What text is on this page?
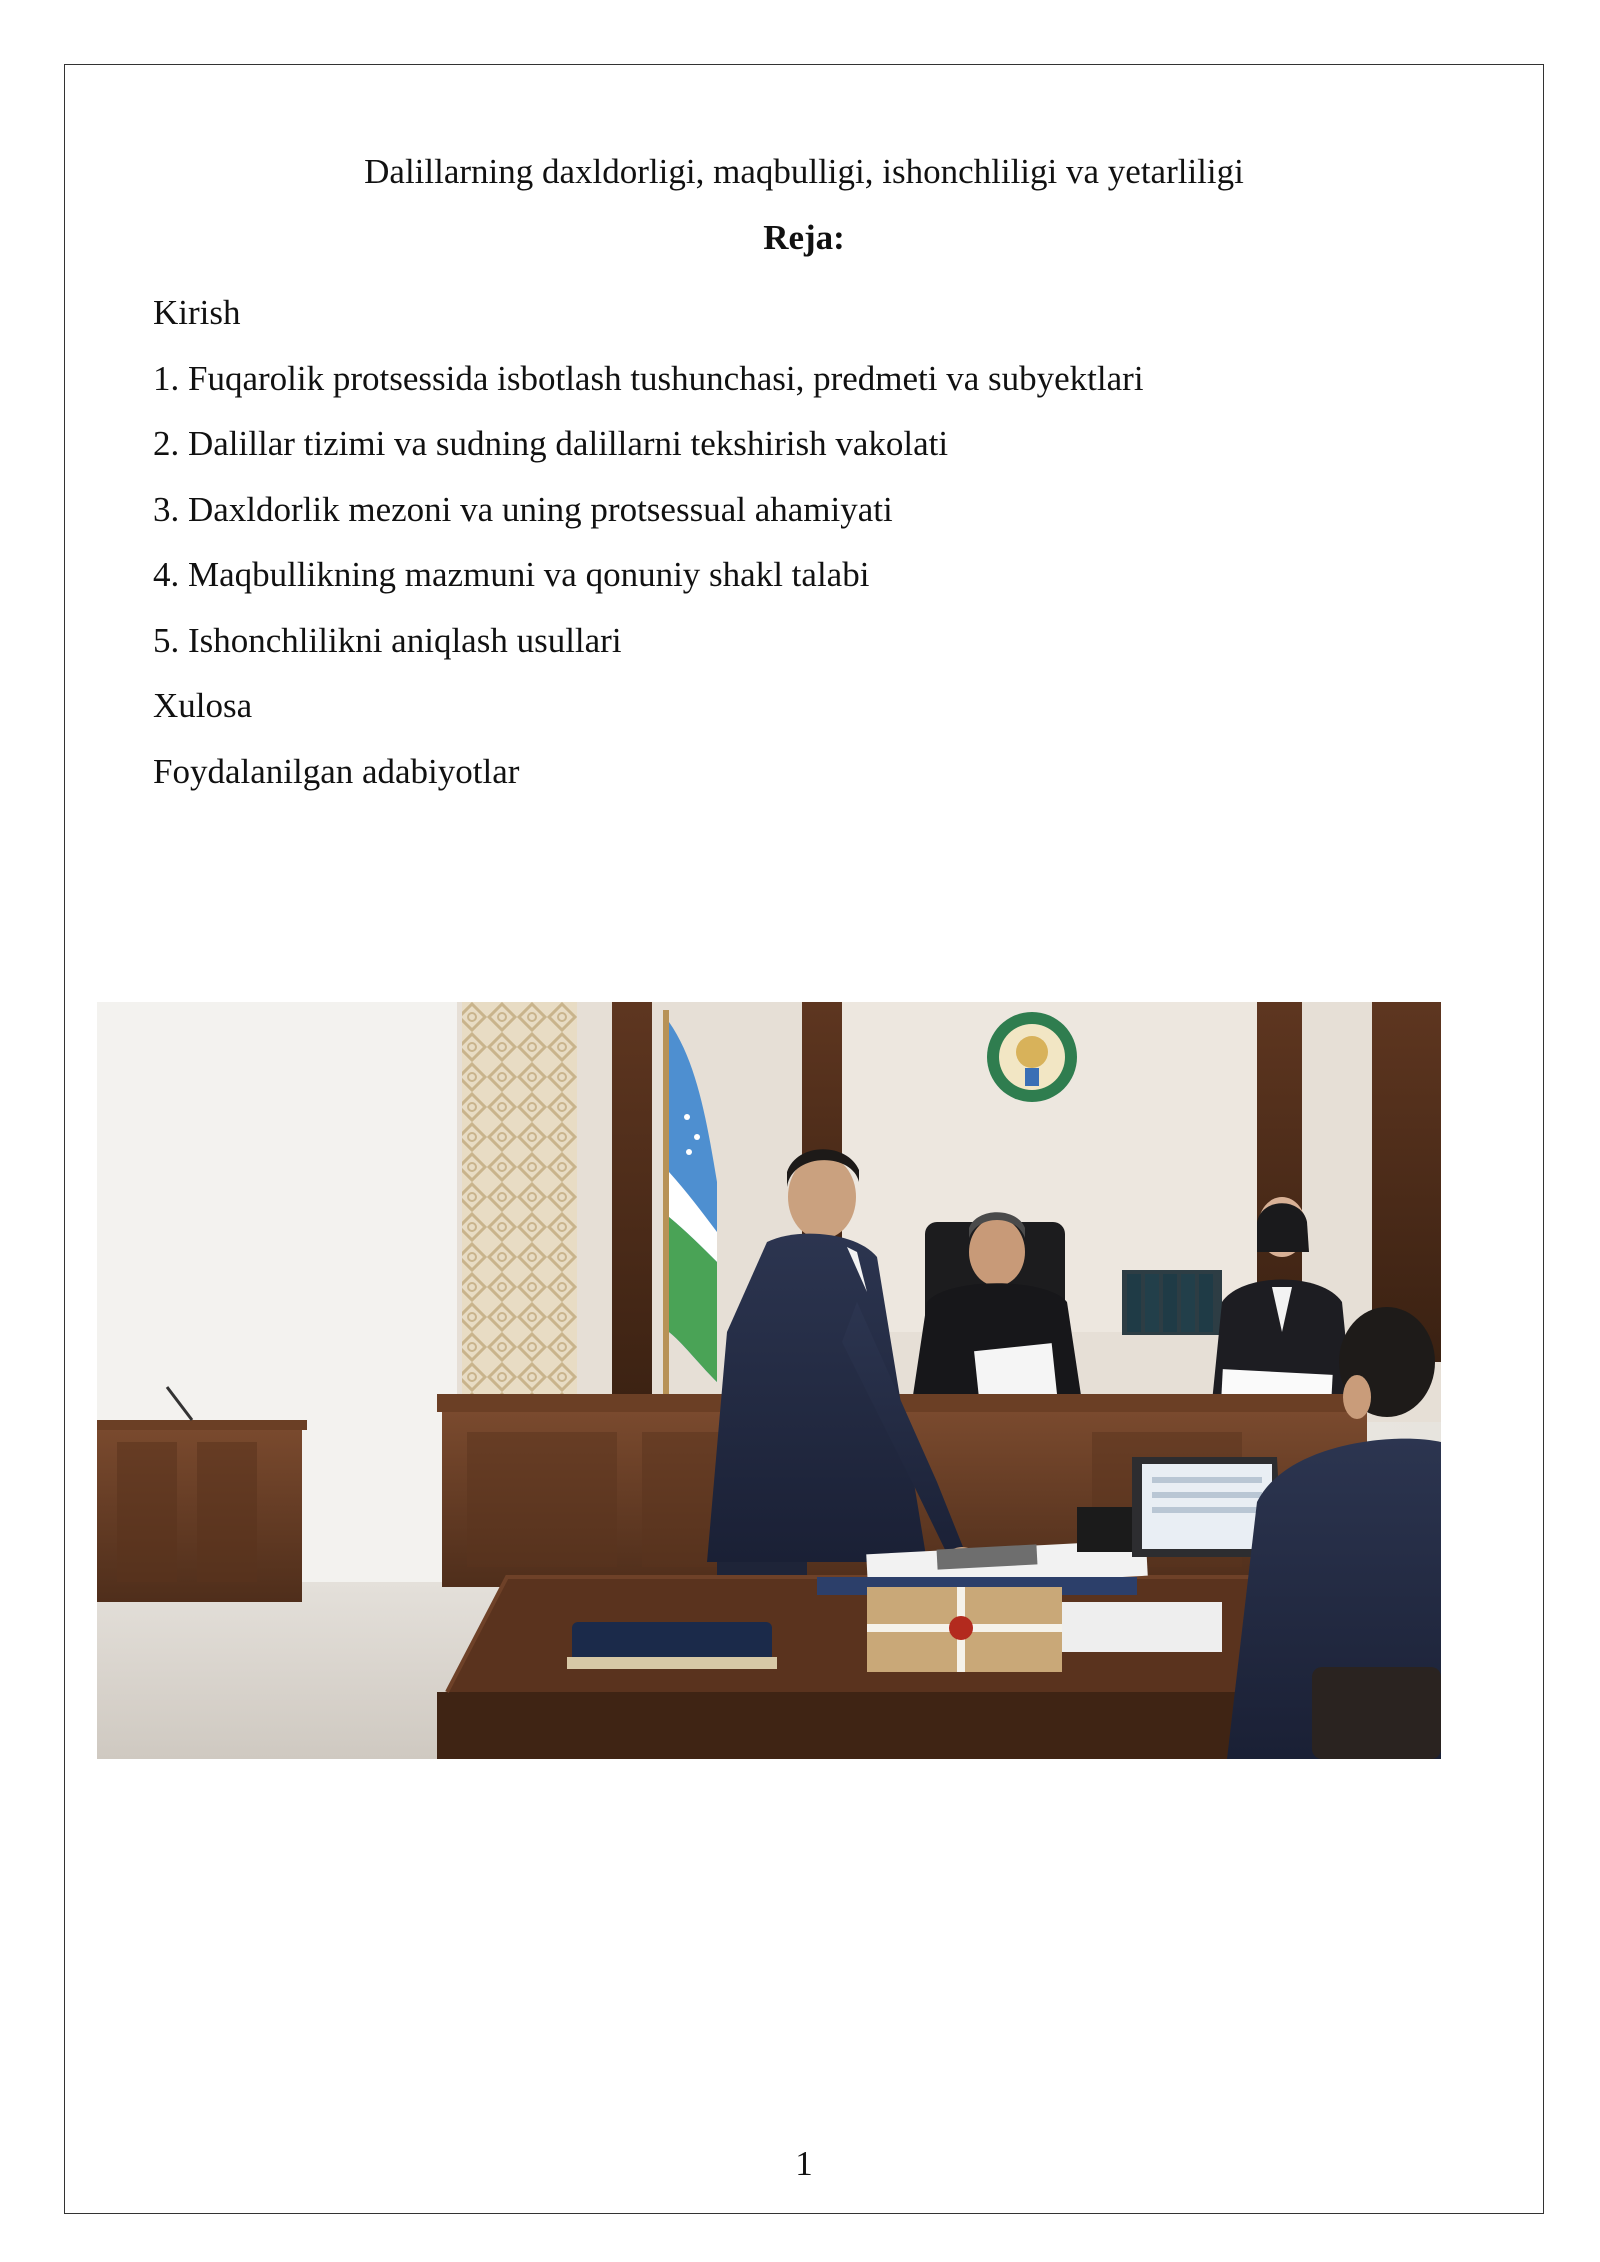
Dalillarning daxldorligi, maqbulligi, ishonchliligi va yetarliligi
Reja:
Kirish
1. Fuqarolik protsessida isbotlash tushunchasi, predmeti va subyektlari
2. Dalillar tizimi va sudning dalillarni tekshirish vakolati
3. Daxldorlik mezoni va uning protsessual ahamiyati
4. Maqbullikning mazmuni va qonuniy shakl talabi
5. Ishonchlilikni aniqlash usullari
Xulosa
Foydalanilgan adabiyotlar
1
